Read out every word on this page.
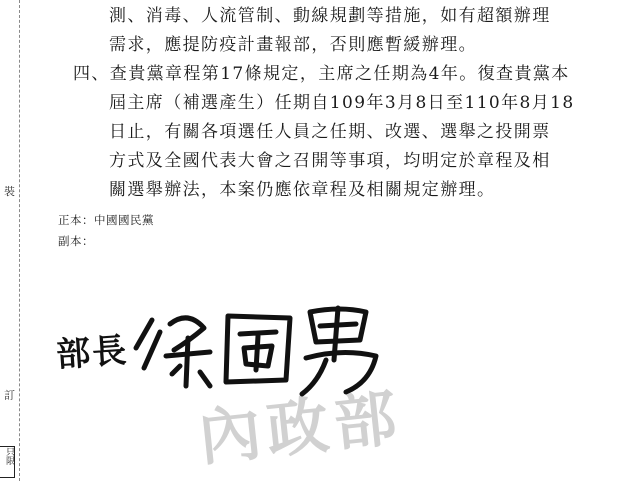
裝
訂
只限
測、消毒、人流管制、動線規劃等措施，如有超額辦理
需求，應提防疫計畫報部，否則應暫緩辦理。
四、查貴黨章程第17條規定，主席之任期為4年。復查貴黨本
屆主席（補選產生）任期自109年3月8日至110年8月18
日止，有關各項選任人員之任期、改選、選舉之投開票
方式及全國代表大會之召開等事項，均明定於章程及相
關選舉辦法，本案仍應依章程及相關規定辦理。
正本：中國國民黨
副本：
內政部
部長
